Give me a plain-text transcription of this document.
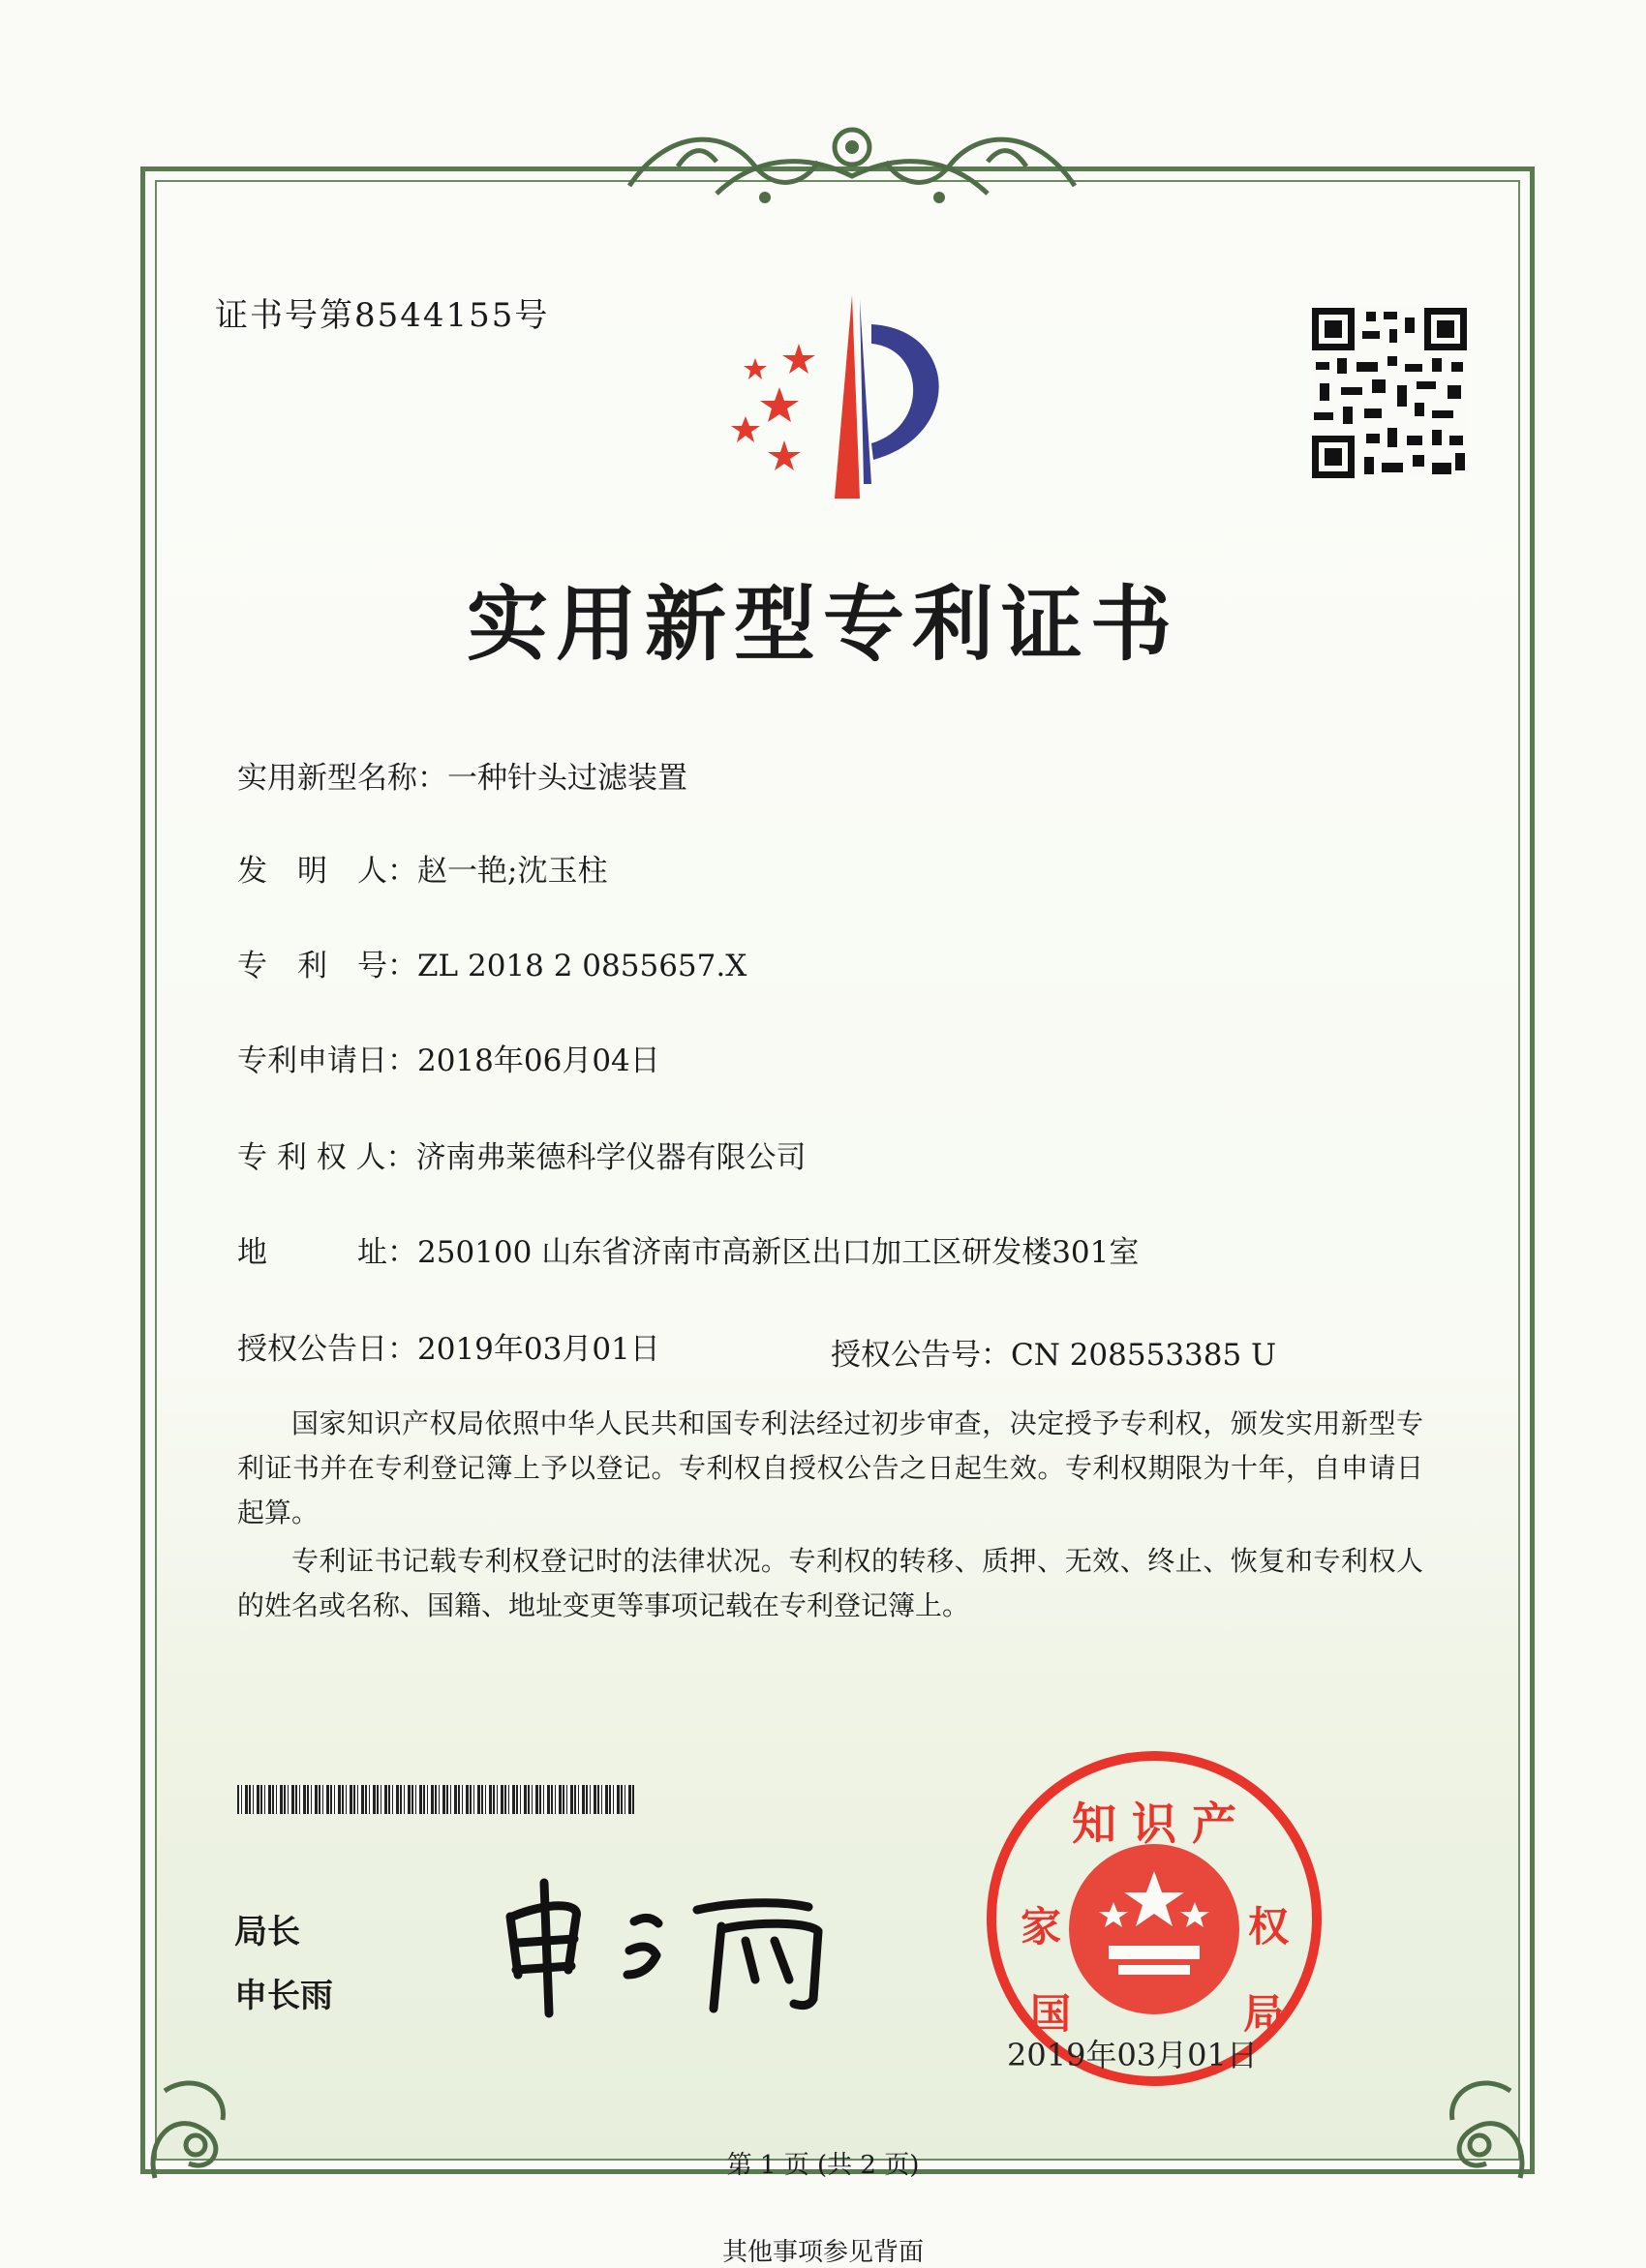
证书号第8544155号
实用新型专利证书
实用新型名称：一种针头过滤装置
发　明　人：赵一艳;沈玉柱
专　利　号：ZL 2018 2 0855657.X
专利申请日：2018年06月04日
专 利 权 人：济南弗莱德科学仪器有限公司
地　　　址：250100 山东省济南市高新区出口加工区研发楼301室
授权公告日：2019年03月01日	授权公告号：CN 208553385 U
国家知识产权局依照中华人民共和国专利法经过初步审查，决定授予专利权，颁发实用新型专利证书并在专利登记簿上予以登记。专利权自授权公告之日起生效。专利权期限为十年，自申请日起算。
专利证书记载专利权登记时的法律状况。专利权的转移、质押、无效、终止、恢复和专利权人的姓名或名称、国籍、地址变更等事项记载在专利登记簿上。
局长
申长雨
知 识 产
家	权
国	局
2019年03月01日
第 1 页 (共 2 页)
其他事项参见背面
